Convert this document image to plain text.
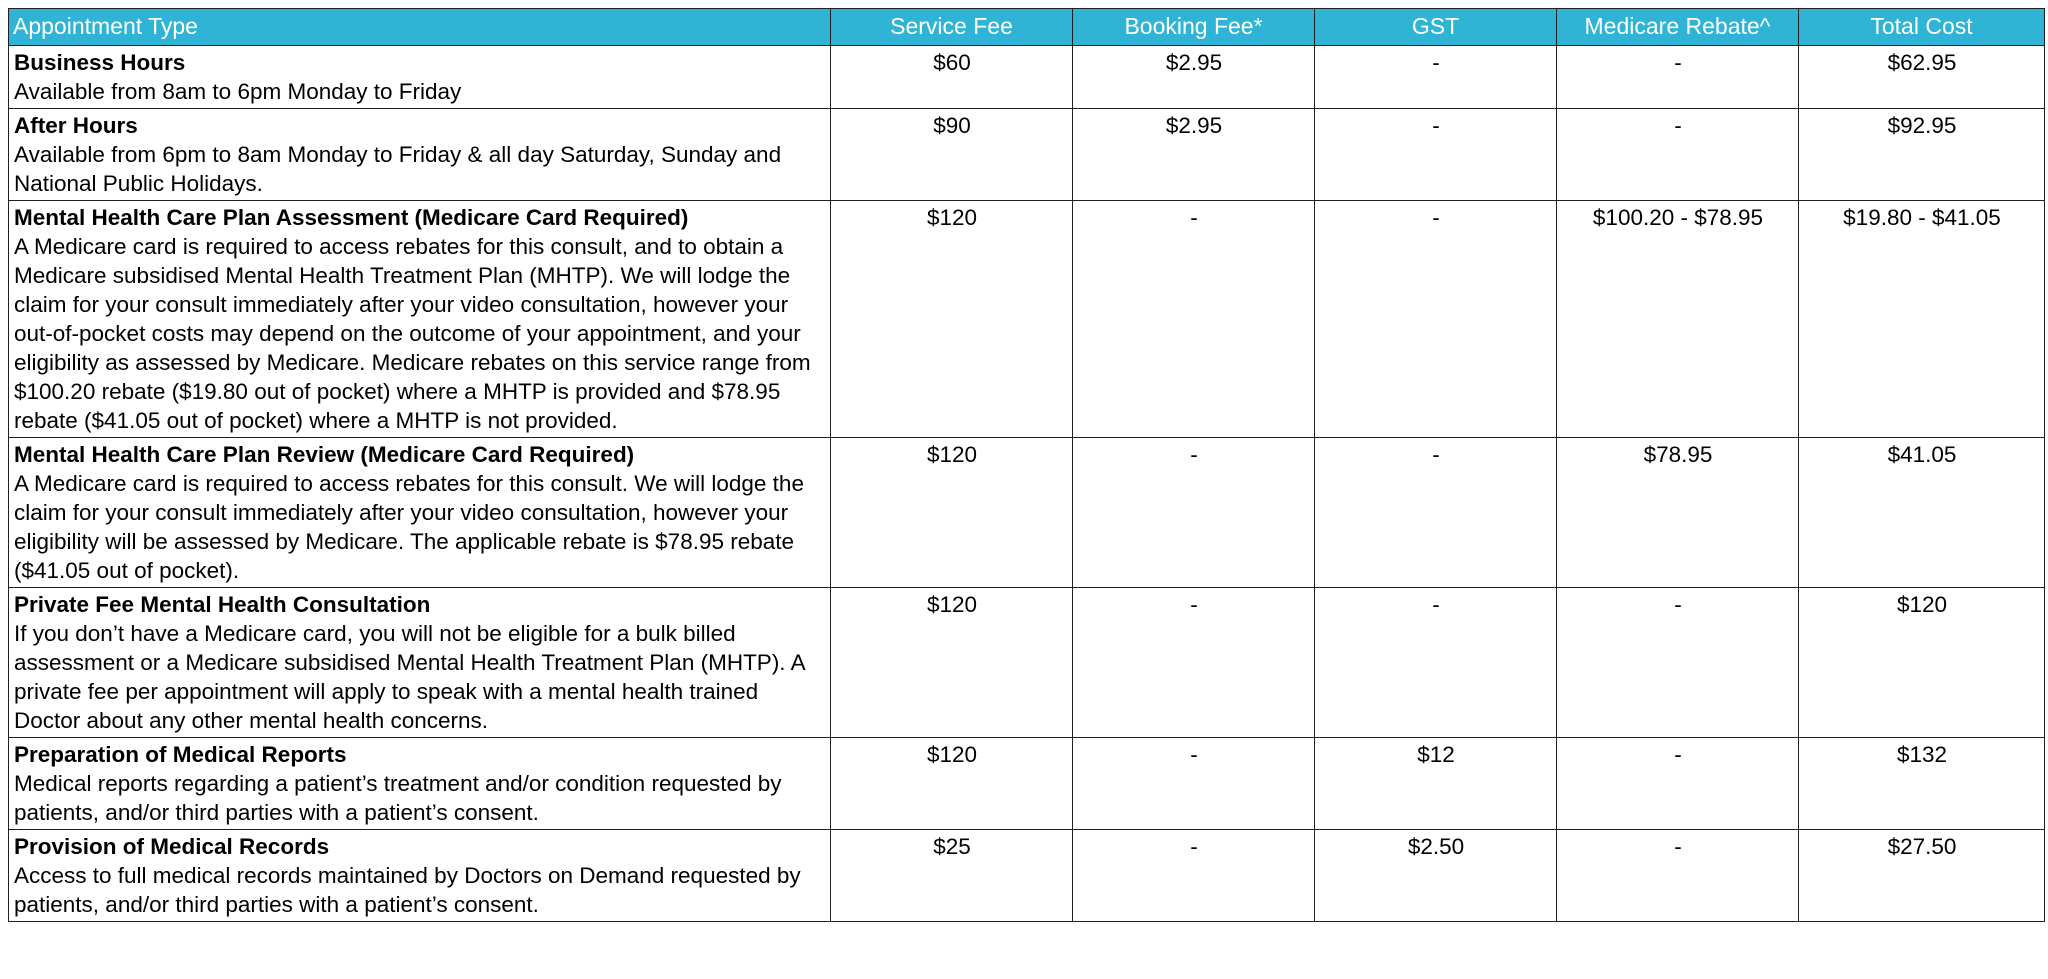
Appointment Type	Service Fee	Booking Fee*	GST	Medicare Rebate^	Total Cost

Business Hours
Available from 8am to 6pm Monday to Friday	$60	$2.95	-	-	$62.95

After Hours
Available from 6pm to 8am Monday to Friday & all day Saturday, Sunday and National Public Holidays.	$90	$2.95	-	-	$92.95

Mental Health Care Plan Assessment (Medicare Card Required)
A Medicare card is required to access rebates for this consult, and to obtain a Medicare subsidised Mental Health Treatment Plan (MHTP). We will lodge the claim for your consult immediately after your video consultation, however your out-of-pocket costs may depend on the outcome of your appointment, and your eligibility as assessed by Medicare. Medicare rebates on this service range from $100.20 rebate ($19.80 out of pocket) where a MHTP is provided and $78.95 rebate ($41.05 out of pocket) where a MHTP is not provided.	$120	-	-	$100.20 - $78.95	$19.80 - $41.05

Mental Health Care Plan Review (Medicare Card Required)
A Medicare card is required to access rebates for this consult. We will lodge the claim for your consult immediately after your video consultation, however your eligibility will be assessed by Medicare. The applicable rebate is $78.95 rebate ($41.05 out of pocket).	$120	-	-	$78.95	$41.05

Private Fee Mental Health Consultation
If you don’t have a Medicare card, you will not be eligible for a bulk billed assessment or a Medicare subsidised Mental Health Treatment Plan (MHTP). A private fee per appointment will apply to speak with a mental health trained Doctor about any other mental health concerns.	$120	-	-	-	$120

Preparation of Medical Reports
Medical reports regarding a patient’s treatment and/or condition requested by patients, and/or third parties with a patient’s consent.	$120	-	$12	-	$132

Provision of Medical Records
Access to full medical records maintained by Doctors on Demand requested by patients, and/or third parties with a patient’s consent.	$25	-	$2.50	-	$27.50
